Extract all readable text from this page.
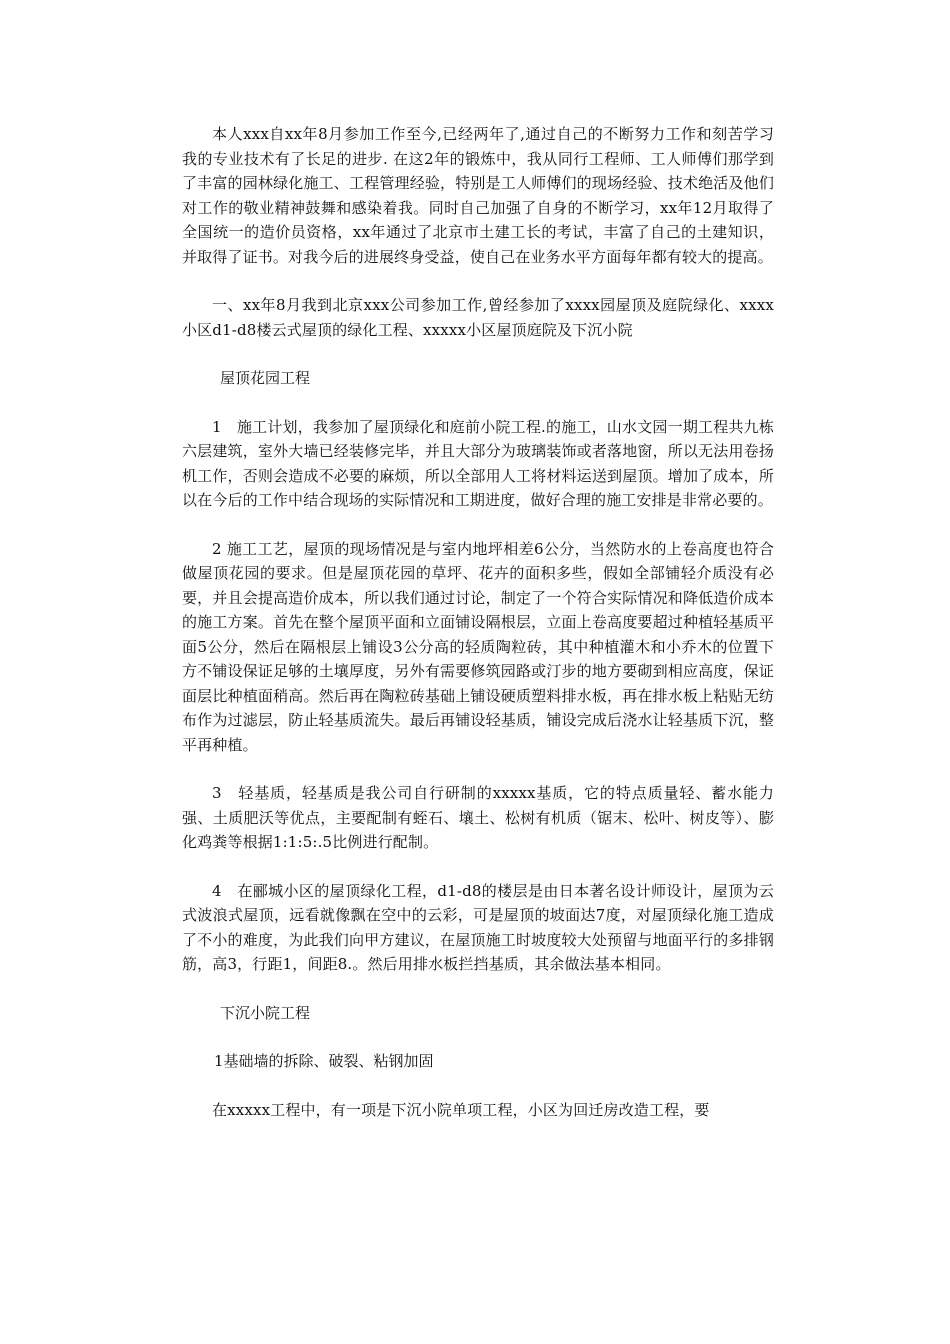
本人xxx自xx年8月参加工作至今,已经两年了,通过自己的不断努力工作和刻苦学习我的专业技术有了长足的进步. 在这2年的锻炼中，我从同行工程师、工人师傅们那学到了丰富的园林绿化施工、工程管理经验，特别是工人师傅们的现场经验、技术绝活及他们对工作的敬业精神鼓舞和感染着我。同时自己加强了自身的不断学习，xx年12月取得了全国统一的造价员资格，xx年通过了北京市土建工长的考试，丰富了自己的土建知识，并取得了证书。对我今后的进展终身受益，使自己在业务水平方面每年都有较大的提高。

一、xx年8月我到北京xxx公司参加工作,曾经参加了xxxx园屋顶及庭院绿化、xxxx小区d1-d8楼云式屋顶的绿化工程、xxxxx小区屋顶庭院及下沉小院

屋顶花园工程

1　施工计划，我参加了屋顶绿化和庭前小院工程.的施工，山水文园一期工程共九栋六层建筑，室外大墙已经装修完毕，并且大部分为玻璃装饰或者落地窗，所以无法用卷扬机工作，否则会造成不必要的麻烦，所以全部用人工将材料运送到屋顶。增加了成本，所以在今后的工作中结合现场的实际情况和工期进度，做好合理的施工安排是非常必要的。

2 施工工艺，屋顶的现场情况是与室内地坪相差6公分，当然防水的上卷高度也符合做屋顶花园的要求。但是屋顶花园的草坪、花卉的面积多些，假如全部铺轻介质没有必要，并且会提高造价成本，所以我们通过讨论，制定了一个符合实际情况和降低造价成本的施工方案。首先在整个屋顶平面和立面铺设隔根层，立面上卷高度要超过种植轻基质平面5公分，然后在隔根层上铺设3公分高的轻质陶粒砖，其中种植灌木和小乔木的位置下方不铺设保证足够的土壤厚度，另外有需要修筑园路或汀步的地方要砌到相应高度，保证面层比种植面稍高。然后再在陶粒砖基础上铺设硬质塑料排水板，再在排水板上粘贴无纺布作为过滤层，防止轻基质流失。最后再铺设轻基质，铺设完成后浇水让轻基质下沉，整平再种植。

3　轻基质，轻基质是我公司自行研制的xxxxx基质，它的特点质量轻、蓄水能力强、土质肥沃等优点，主要配制有蛭石、壤土、松树有机质（锯末、松叶、树皮等）、膨化鸡粪等根据1:1:5:.5比例进行配制。

4　在郦城小区的屋顶绿化工程，d1-d8的楼层是由日本著名设计师设计，屋顶为云式波浪式屋顶，远看就像飘在空中的云彩，可是屋顶的坡面达7度，对屋顶绿化施工造成了不小的难度，为此我们向甲方建议，在屋顶施工时坡度较大处预留与地面平行的多排钢筋，高3，行距1，间距8.。然后用排水板拦挡基质，其余做法基本相同。

下沉小院工程

1基础墙的拆除、破裂、粘钢加固

在xxxxx工程中，有一项是下沉小院单项工程，小区为回迁房改造工程，要
